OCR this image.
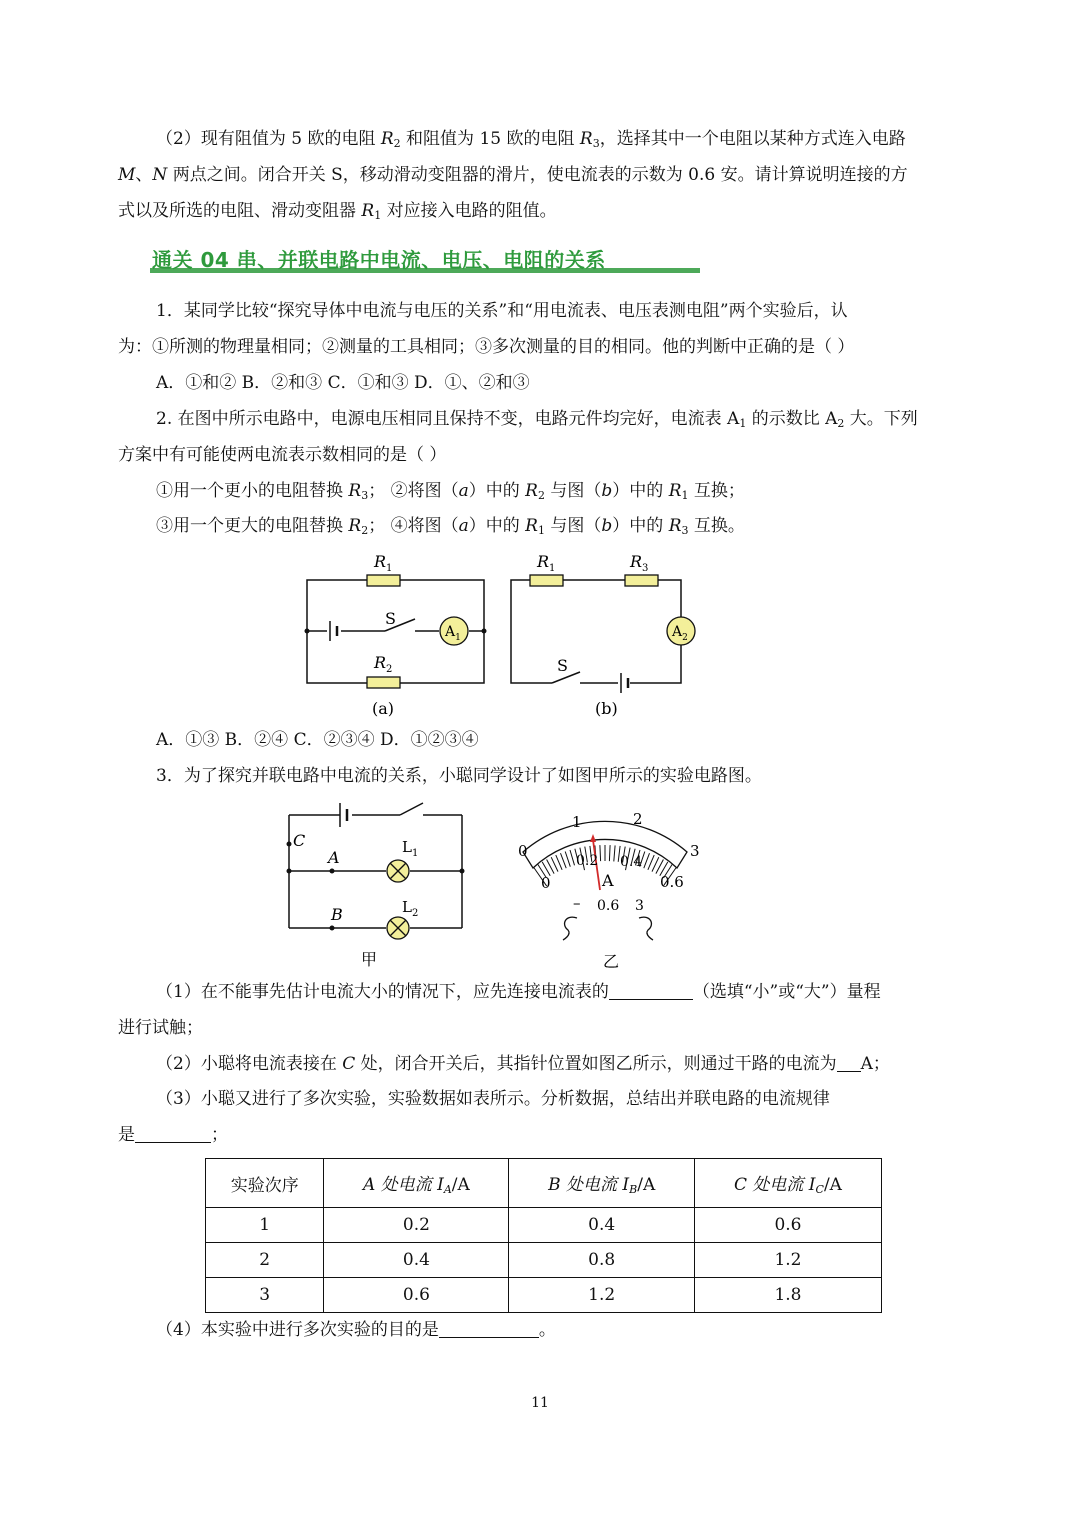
（2）现有阻值为 5 欧的电阻 $R_2$ 和阻值为 15 欧的电阻 $R_3$，选择其中一个电阻以某种方式连入电路
M、N 两点之间。闭合开关 S，移动滑动变阻器的滑片，使电流表的示数为 0.6 安。请计算说明连接的方
式以及所选的电阻、滑动变阻器 $R_1$ 对应接入电路的阻值。
通关 04 串、并联电路中电流、电压、电阻的关系
1．某同学比较“探究导体中电流与电压的关系”和“用电流表、电压表测电阻”两个实验后，认
为：①所测的物理量相同；②测量的工具相同；③多次测量的目的相同。他的判断中正确的是（ ）
A．①和② B．②和③ C．①和③ D．①、②和③
2. 在图中所示电路中，电源电压相同且保持不变，电路元件均完好，电流表 $A_1$ 的示数比 $A_2$ 大。下列
方案中有可能使两电流表示数相同的是（ ）
①用一个更小的电阻替换 $R_3$； ②将图（a）中的 $R_2$ 与图（b）中的 $R_1$ 互换；
③用一个更大的电阻替换 $R_2$； ④将图（a）中的 $R_1$ 与图（b）中的 $R_3$ 互换。
$R_1$
$R_2$
S
$A_1$
(a)
$R_1$	$R_3$
S
$A_2$
(b)
A．①③ B．②④ C．②③④ D．①②③④
3．为了探究并联电路中电流的关系，小聪同学设计了如图甲所示的实验电路图。
C
A
B
$L_1$
$L_2$
甲
0
1	2
3
0
0.2 0.4
0.6
A
– 0.6 3
乙
（1）在不能事先估计电流大小的情况下，应先连接电流表的	（选填“小”或“大”）量程
进行试触；
（2）小聪将电流表接在 C 处，闭合开关后，其指针位置如图乙所示，则通过干路的电流为 A；
（3）小聪又进行了多次实验，实验数据如表所示。分析数据，总结出并联电路的电流规律
是	；
实验次序	A 处电流 $I_A/A$	B 处电流 $I_B/A$	C 处电流 $I_C/A$
1	0.2	0.4	0.6
2	0.4	0.8	1.2
3	0.6	1.2	1.8
（4）本实验中进行多次实验的目的是	。
11
